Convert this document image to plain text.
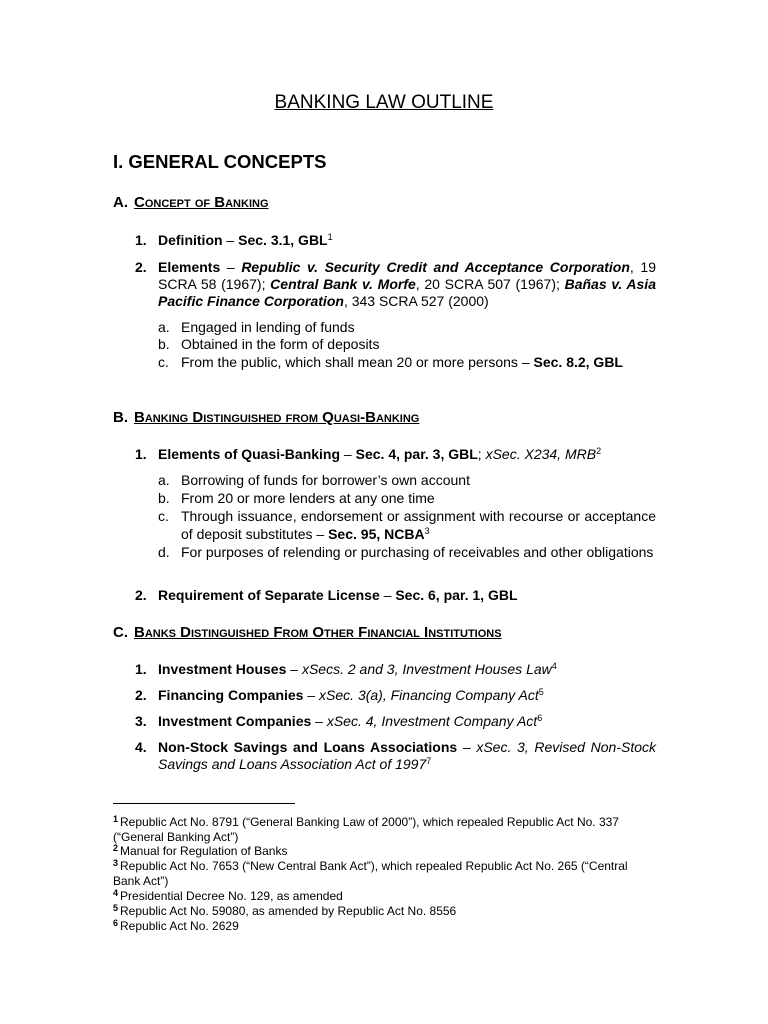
BANKING LAW OUTLINE
I. GENERAL CONCEPTS
A. Concept of Banking
1. Definition – Sec. 3.1, GBL$^1$
2. Elements – Republic v. Security Credit and Acceptance Corporation, 19 SCRA 58 (1967); Central Bank v. Morfe, 20 SCRA 507 (1967); Bañas v. Asia Pacific Finance Corporation, 343 SCRA 527 (2000)
a. Engaged in lending of funds
b. Obtained in the form of deposits
c. From the public, which shall mean 20 or more persons – Sec. 8.2, GBL
B. Banking Distinguished from Quasi-Banking
1. Elements of Quasi-Banking – Sec. 4, par. 3, GBL; xSec. X234, MRB$^2$
a. Borrowing of funds for borrower’s own account
b. From 20 or more lenders at any one time
c. Through issuance, endorsement or assignment with recourse or acceptance of deposit substitutes – Sec. 95, NCBA$^3$
d. For purposes of relending or purchasing of receivables and other obligations
2. Requirement of Separate License – Sec. 6, par. 1, GBL
C. Banks Distinguished From Other Financial Institutions
1. Investment Houses – xSecs. 2 and 3, Investment Houses Law$^4$
2. Financing Companies – xSec. 3(a), Financing Company Act$^5$
3. Investment Companies – xSec. 4, Investment Company Act$^6$
4. Non-Stock Savings and Loans Associations – xSec. 3, Revised Non-Stock Savings and Loans Association Act of 1997$^7$
$^1$ Republic Act No. 8791 (“General Banking Law of 2000”), which repealed Republic Act No. 337 (“General Banking Act”)
$^2$ Manual for Regulation of Banks
$^3$ Republic Act No. 7653 (“New Central Bank Act”), which repealed Republic Act No. 265 (“Central Bank Act”)
$^4$ Presidential Decree No. 129, as amended
$^5$ Republic Act No. 59080, as amended by Republic Act No. 8556
$^6$ Republic Act No. 2629
